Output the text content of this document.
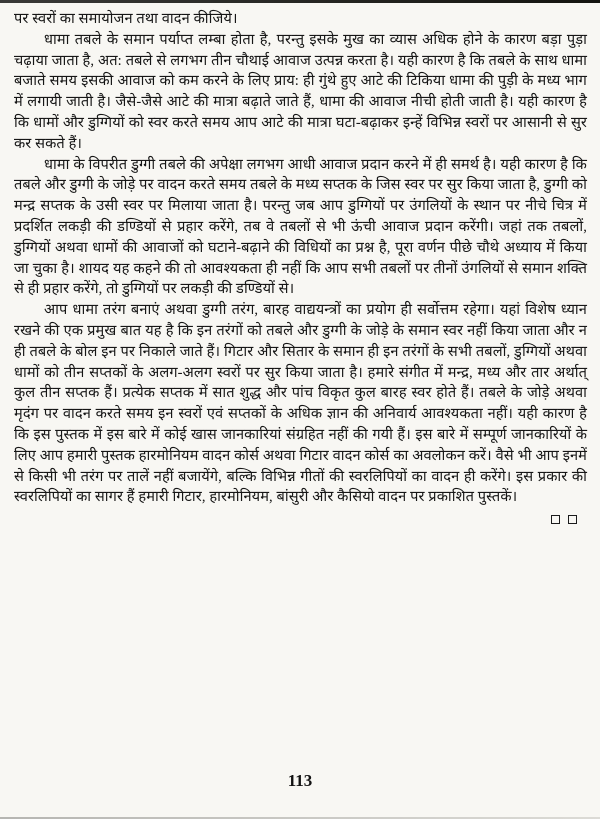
पर स्वरों का समायोजन तथा वादन कीजिये।

धामा तबले के समान पर्याप्त लम्बा होता है, परन्तु इसके मुख का व्यास अधिक होने के कारण बड़ा पुड़ा चढ़ाया जाता है, अत: तबले से लगभग तीन चौथाई आवाज उत्पन्न करता है। यही कारण है कि तबले के साथ धामा बजाते समय इसकी आवाज को कम करने के लिए प्राय: ही गुंथे हुए आटे की टिकिया धामा की पुड़ी के मध्य भाग में लगायी जाती है। जैसे-जैसे आटे की मात्रा बढ़ाते जाते हैं, धामा की आवाज नीची होती जाती है। यही कारण है कि धामों और डुग्गियों को स्वर करते समय आप आटे की मात्रा घटा-बढ़ाकर इन्हें विभिन्न स्वरों पर आसानी से सुर कर सकते हैं।

धामा के विपरीत डुग्गी तबले की अपेक्षा लगभग आधी आवाज प्रदान करने में ही समर्थ है। यही कारण है कि तबले और डुग्गी के जोड़े पर वादन करते समय तबले के मध्य सप्तक के जिस स्वर पर सुर किया जाता है, डुग्गी को मन्द्र सप्तक के उसी स्वर पर मिलाया जाता है। परन्तु जब आप डुग्गियों पर उंगलियों के स्थान पर नीचे चित्र में प्रदर्शित लकड़ी की डण्डियों से प्रहार करेंगे, तब वे तबलों से भी ऊंची आवाज प्रदान करेंगी। जहां तक तबलों, डुग्गियों अथवा धामों की आवाजों को घटाने-बढ़ाने की विधियों का प्रश्न है, पूरा वर्णन पीछे चौथे अध्याय में किया जा चुका है। शायद यह कहने की तो आवश्यकता ही नहीं कि आप सभी तबलों पर तीनों उंगलियों से समान शक्ति से ही प्रहार करेंगे, तो डुग्गियों पर लकड़ी की डण्डियों से।

आप धामा तरंग बनाएं अथवा डुग्गी तरंग, बारह वाद्ययन्त्रों का प्रयोग ही सर्वोत्तम रहेगा। यहां विशेष ध्यान रखने की एक प्रमुख बात यह है कि इन तरंगों को तबले और डुग्गी के जोड़े के समान स्वर नहीं किया जाता और न ही तबले के बोल इन पर निकाले जाते हैं। गिटार और सितार के समान ही इन तरंगों के सभी तबलों, डुग्गियों अथवा धामों को तीन सप्तकों के अलग-अलग स्वरों पर सुर किया जाता है। हमारे संगीत में मन्द्र, मध्य और तार अर्थात् कुल तीन सप्तक हैं। प्रत्येक सप्तक में सात शुद्ध और पांच विकृत कुल बारह स्वर होते हैं। तबले के जोड़े अथवा मृदंग पर वादन करते समय इन स्वरों एवं सप्तकों के अधिक ज्ञान की अनिवार्य आवश्यकता नहीं। यही कारण है कि इस पुस्तक में इस बारे में कोई खास जानकारियां संग्रहित नहीं की गयी हैं। इस बारे में सम्पूर्ण जानकारियों के लिए आप हमारी पुस्तक हारमोनियम वादन कोर्स अथवा गिटार वादन कोर्स का अवलोकन करें। वैसे भी आप इनमें से किसी भी तरंग पर तालें नहीं बजायेंगे, बल्कि विभिन्न गीतों की स्वरलिपियों का वादन ही करेंगे। इस प्रकार की स्वरलिपियों का सागर हैं हमारी गिटार, हारमोनियम, बांसुरी और कैसियो वादन पर प्रकाशित पुस्तकें।

113
